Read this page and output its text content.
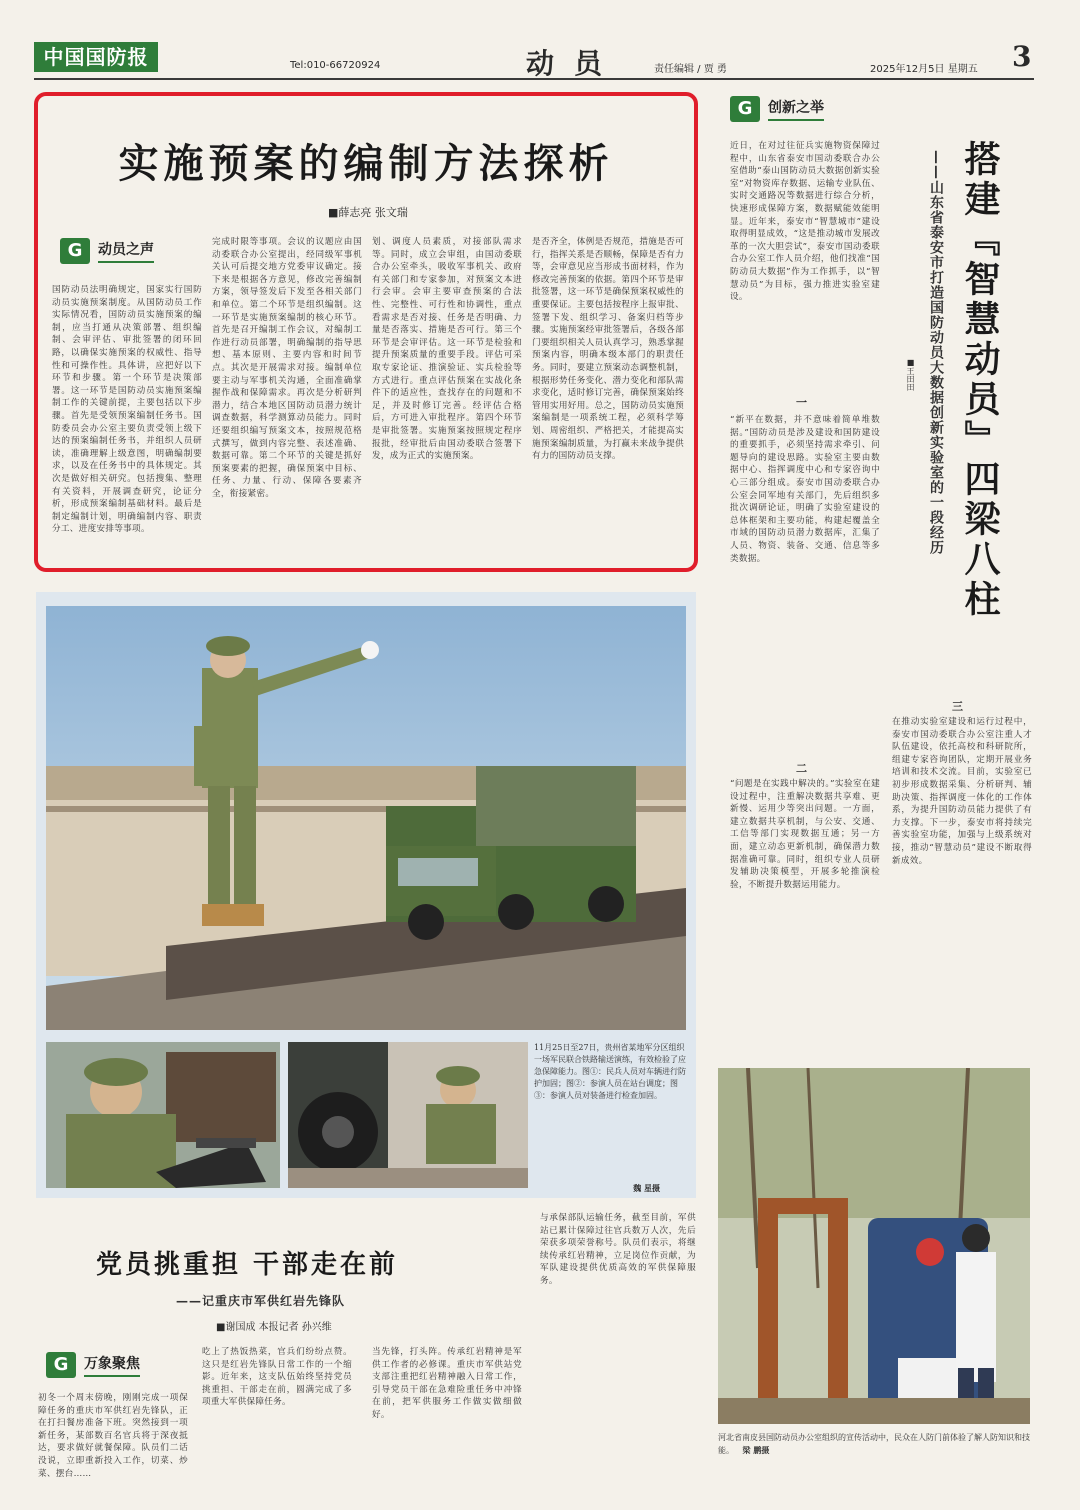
中国国防报	Tel:010-66720924	动员	责任编辑 / 贾 勇	2025年12月5日 星期五 3
实施预案的编制方法探析
■薛志亮 张文瑞
G	动员之声
国防动员法明确规定，国家实行国防动员实施预案制度。从国防动员工作实际情况看，国防动员实施预案的编制，应当打通从决策部署、组织编制、会审评估、审批签署的闭环回路，以确保实施预案的权威性、指导性和可操作性。具体讲，应把好以下环节和步骤。第一个环节是决策部署。这一环节是国防动员实施预案编制工作的关键前提，主要包括以下步骤。首先是受领预案编制任务书。国防委员会办公室主要负责受领上级下达的预案编制任务书，并组织人员研读，准确理解上级意图，明确编制要求，以及在任务书中的具体规定。其次是做好相关研究。包括搜集、整理有关资料，开展调查研究，论证分析，形成预案编制基础材料。最后是制定编制计划，明确编制内容、职责分工、进度安排等事项。
完成时限等事项。会议的议题应由国动委联合办公室提出，经同级军事机关认可后提交地方党委审议确定。接下来是根据各方意见，修改完善编制方案，领导签发后下发至各相关部门和单位。第二个环节是组织编制。这一环节是实施预案编制的核心环节。首先是召开编制工作会议，对编制工作进行动员部署，明确编制的指导思想、基本原则、主要内容和时间节点。其次是开展需求对接。编制单位要主动与军事机关沟通，全面准确掌握作战和保障需求。再次是分析研判潜力，结合本地区国防动员潜力统计调查数据，科学测算动员能力。同时还要组织编写预案文本，按照规范格式撰写，做到内容完整、表述准确、数据可靠。第二个环节的关键是抓好预案要素的把握，确保预案中目标、任务、力量、行动、保障各要素齐全，衔接紧密。
划、调度人员素质，对接部队需求等。同时，成立会审组，由国动委联合办公室牵头，吸收军事机关、政府有关部门和专家参加，对预案文本进行会审。会审主要审查预案的合法性、完整性、可行性和协调性，重点看需求是否对接、任务是否明确、力量是否落实、措施是否可行。第三个环节是会审评估。这一环节是检验和提升预案质量的重要手段。评估可采取专家论证、推演验证、实兵检验等方式进行。重点评估预案在实战化条件下的适应性，查找存在的问题和不足，并及时修订完善。经评估合格后，方可进入审批程序。第四个环节是审批签署。实施预案按照规定程序报批，经审批后由国动委联合签署下发，成为正式的实施预案。
是否齐全，体例是否规范，措施是否可行，指挥关系是否顺畅，保障是否有力等，会审意见应当形成书面材料，作为修改完善预案的依据。第四个环节是审批签署，这一环节是确保预案权威性的重要保证。主要包括按程序上报审批、签署下发、组织学习、备案归档等步骤。实施预案经审批签署后，各级各部门要组织相关人员认真学习，熟悉掌握预案内容，明确本级本部门的职责任务。同时，要建立预案动态调整机制，根据形势任务变化、潜力变化和部队需求变化，适时修订完善，确保预案始终管用实用好用。总之，国防动员实施预案编制是一项系统工程，必须科学筹划、周密组织、严格把关，才能提高实施预案编制质量，为打赢未来战争提供有力的国防动员支撑。
11月25日至27日，贵州省某地军分区组织一场军民联合铁路输送演练，有效检验了应急保障能力。图①：民兵人员对车辆进行防护加固；图②：参演人员在站台调度；图③：参演人员对装备进行检查加固。
魏 星摄
党员挑重担 干部走在前
——记重庆市军供红岩先锋队
■谢国成 本报记者 孙兴维
G	万象聚焦
初冬一个周末傍晚，刚刚完成一项保障任务的重庆市军供红岩先锋队，正在打扫餐房准备下班。突然接到一项新任务，某部数百名官兵将于深夜抵达，要求做好就餐保障。队员们二话没说，立即重新投入工作，切菜、炒菜、摆台……
吃上了热饭热菜，官兵们纷纷点赞。这只是红岩先锋队日常工作的一个缩影。近年来，这支队伍始终坚持党员挑重担、干部走在前，圆满完成了多项重大军供保障任务。
当先锋，打头阵。传承红岩精神是军供工作者的必修课。重庆市军供站党支部注重把红岩精神融入日常工作，引导党员干部在急难险重任务中冲锋在前，把军供服务工作做实做细做好。
与承保部队运输任务，截至目前，军供站已累计保障过往官兵数万人次，先后荣获多项荣誉称号。队员们表示，将继续传承红岩精神，立足岗位作贡献，为军队建设提供优质高效的军供保障服务。
G	创新之举
搭建『智慧动员』四梁八柱
——山东省泰安市打造国防动员大数据创新实验室的一段经历
■王田田
近日，在对过往征兵实施物资保障过程中，山东省泰安市国动委联合办公室借助“泰山国防动员大数据创新实验室”对物资库存数据、运输专业队伍、实时交通路况等数据进行综合分析，快速形成保障方案，数据赋能效能明显。近年来，泰安市“智慧城市”建设取得明显成效，“这是推动城市发展改革的一次大胆尝试”，泰安市国动委联合办公室工作人员介绍，他们找准“国防动员大数据”作为工作抓手，以“智慧动员”为目标，强力推进实验室建设。
一
“新平在数据，并不意味着简单堆数据。”国防动员是涉及建设和国防建设的重要抓手，必须坚持需求牵引、问题导向的建设思路。实验室主要由数据中心、指挥调度中心和专家咨询中心三部分组成。泰安市国动委联合办公室会同军地有关部门，先后组织多批次调研论证，明确了实验室建设的总体框架和主要功能，构建起覆盖全市域的国防动员潜力数据库，汇集了人员、物资、装备、交通、信息等多类数据。
二
“问题是在实践中解决的。”实验室在建设过程中，注重解决数据共享难、更新慢、运用少等突出问题。一方面，建立数据共享机制，与公安、交通、工信等部门实现数据互通；另一方面，建立动态更新机制，确保潜力数据准确可靠。同时，组织专业人员研发辅助决策模型，开展多轮推演检验，不断提升数据运用能力。
三
在推动实验室建设和运行过程中，泰安市国动委联合办公室注重人才队伍建设，依托高校和科研院所，组建专家咨询团队，定期开展业务培训和技术交流。目前，实验室已初步形成数据采集、分析研判、辅助决策、指挥调度一体化的工作体系，为提升国防动员能力提供了有力支撑。下一步，泰安市将持续完善实验室功能，加强与上级系统对接，推动“智慧动员”建设不断取得新成效。
河北省南皮县国防动员办公室组织的宣传活动中，民众在人防门前体验了解人防知识和技能。 梁 鹏摄
